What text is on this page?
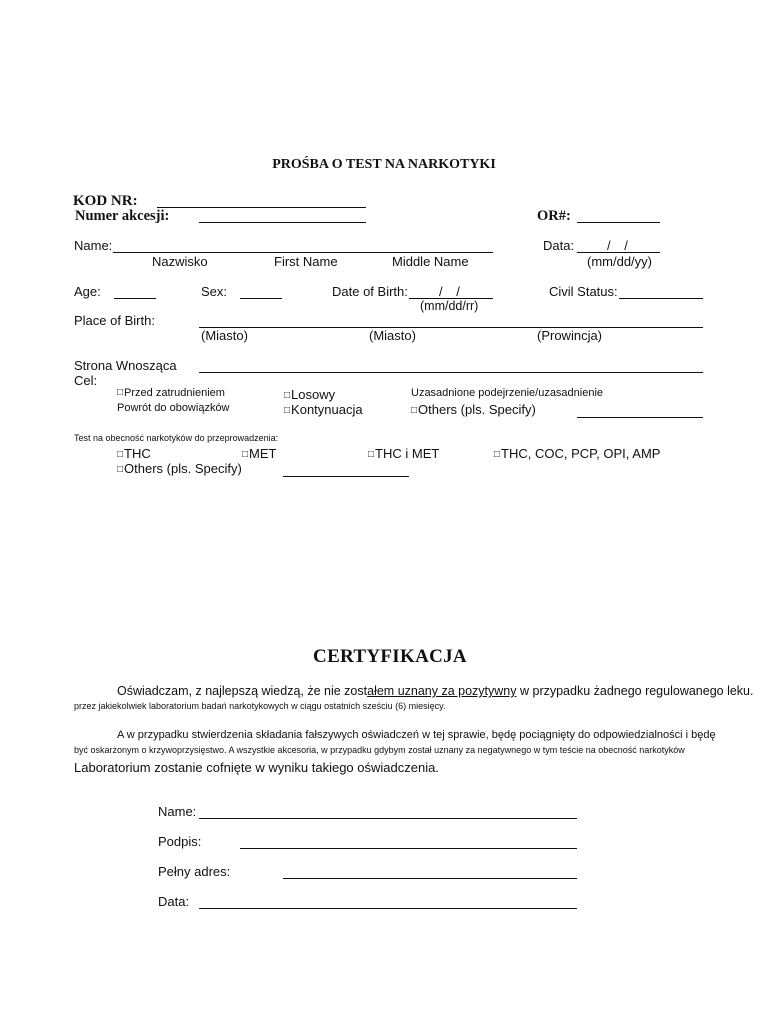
PROŚBA O TEST NA NARKOTYKI
KOD NR:
Numer akcesji:	OR#:
Name:	Data:	/ /
Nazwisko	First Name	Middle Name	(mm/dd/yy)
Age:	Sex:	Date of Birth: / /
(mm/dd/rr)
Civil Status:
Place of Birth:
(Miasto)	(Miasto)	(Prowincja)
Strona Wnosząca
Cel:
□Przed zatrudnieniem
Powrót do obowiązków
□Losowy
□Kontynuacja
Uzasadnione podejrzenie/uzasadnienie
□Others (pls. Specify)
Test na obecność narkotyków do przeprowadzenia:
□THC	□MET	□THC i MET	□THC, COC, PCP, OPI, AMP
□Others (pls. Specify)
CERTYFIKACJA
Oświadczam, z najlepszą wiedzą, że nie zostałem uznany za pozytywny w przypadku żadnego regulowanego leku.
przez jakiekolwiek laboratorium badań narkotykowych w ciągu ostatnich sześciu (6) miesięcy.
A w przypadku stwierdzenia składania fałszywych oświadczeń w tej sprawie, będę pociągnięty do odpowiedzialności i będę
być oskarżonym o krzywoprzysięstwo. A wszystkie akcesoria, w przypadku gdybym został uznany za negatywnego w tym teście na obecność narkotyków
Laboratorium zostanie cofnięte w wyniku takiego oświadczenia.
Name:
Podpis:
Pełny adres:
Data:
